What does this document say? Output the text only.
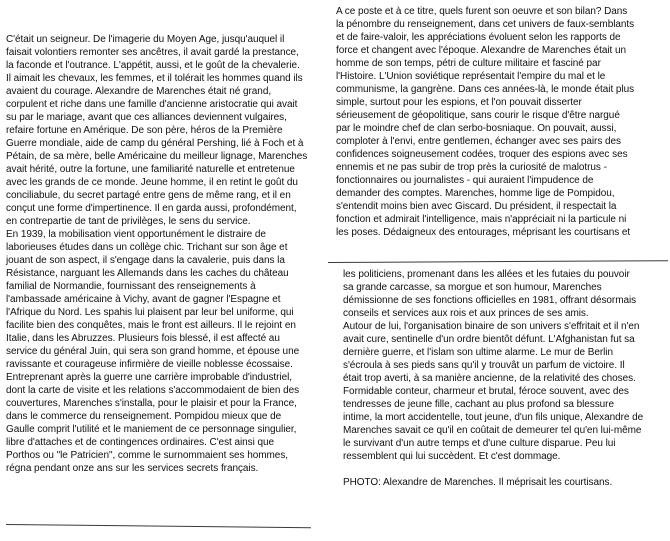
C'était un seigneur. De l'imagerie du Moyen Age, jusqu'auquel il

faisait volontiers remonter ses ancêtres, il avait gardé la prestance,

la faconde et l'outrance. L'appétit, aussi, et le goût de la chevalerie.

Il aimait les chevaux, les femmes, et il tolérait les hommes quand ils

avaient du courage. Alexandre de Marenches était né grand,

corpulent et riche dans une famille d'ancienne aristocratie qui avait

su par le mariage, avant que ces alliances deviennent vulgaires,

refaire fortune en Amérique. De son père, héros de la Première

Guerre mondiale, aide de camp du général Pershing, lié à Foch et à

Pétain, de sa mère, belle Américaine du meilleur lignage, Marenches

avait hérité, outre la fortune, une familiarité naturelle et entretenue

avec les grands de ce monde. Jeune homme, il en retint le goût du

conciliabule, du secret partagé entre gens de même rang, et il en

conçut une forme d'impertinence. Il en garda aussi, profondément,

en contrepartie de tant de privilèges, le sens du service.

En 1939, la mobilisation vient opportunément le distraire de

laborieuses études dans un collège chic. Trichant sur son âge et

jouant de son aspect, il s'engage dans la cavalerie, puis dans la

Résistance, narguant les Allemands dans les caches du château

familial de Normandie, fournissant des renseignements à

l'ambassade américaine à Vichy, avant de gagner l'Espagne et

l'Afrique du Nord. Les spahis lui plaisent par leur bel uniforme, qui

facilite bien des conquêtes, mais le front est ailleurs. Il le rejoint en

Italie, dans les Abruzzes. Plusieurs fois blessé, il est affecté au

service du général Juin, qui sera son grand homme, et épouse une

ravissante et courageuse infirmière de vieille noblesse écossaise.

Entreprenant après la guerre une carrière improbable d'industriel,

dont la carte de visite et les relations s'accommodaient de bien des

couvertures, Marenches s'installa, pour le plaisir et pour la France,

dans le commerce du renseignement. Pompidou mieux que de

Gaulle comprit l'utilité et le maniement de ce personnage singulier,

libre d'attaches et de contingences ordinaires. C'est ainsi que

Porthos ou "le Patricien", comme le surnommaient ses hommes,

régna pendant onze ans sur les services secrets français.

A ce poste et à ce titre, quels furent son oeuvre et son bilan? Dans

la pénombre du renseignement, dans cet univers de faux-semblants

et de faire-valoir, les appréciations évoluent selon les rapports de

force et changent avec l'époque. Alexandre de Marenches était un

homme de son temps, pétri de culture militaire et fasciné par

l'Histoire. L'Union soviétique représentait l'empire du mal et le

communisme, la gangrène. Dans ces années-là, le monde était plus

simple, surtout pour les espions, et l'on pouvait disserter

sérieusement de géopolitique, sans courir le risque d'être nargué

par le moindre chef de clan serbo-bosniaque. On pouvait, aussi,

comploter à l'envi, entre gentlemen, échanger avec ses pairs des

confidences soigneusement codées, troquer des espions avec ses

ennemis et ne pas subir de trop près la curiosité de malotrus -

fonctionnaires ou journalistes - qui auraient l'impudence de

demander des comptes. Marenches, homme lige de Pompidou,

s'entendit moins bien avec Giscard. Du président, il respectait la

fonction et admirait l'intelligence, mais n'appréciait ni la particule ni

les poses. Dédaigneux des entourages, méprisant les courtisans et

les politiciens, promenant dans les allées et les futaies du pouvoir

sa grande carcasse, sa morgue et son humour, Marenches

démissionne de ses fonctions officielles en 1981, offrant désormais

conseils et services aux rois et aux princes de ses amis.

Autour de lui, l'organisation binaire de son univers s'effritait et il n'en

avait cure, sentinelle d'un ordre bientôt défunt. L'Afghanistan fut sa

dernière guerre, et l'islam son ultime alarme. Le mur de Berlin

s'écroula à ses pieds sans qu'il y trouvât un parfum de victoire. Il

était trop averti, à sa manière ancienne, de la relativité des choses.

Formidable conteur, charmeur et brutal, féroce souvent, avec des

tendresses de jeune fille, cachant au plus profond sa blessure

intime, la mort accidentelle, tout jeune, d'un fils unique, Alexandre de

Marenches savait ce qu'il en coûtait de demeurer tel qu'en lui-même

le survivant d'un autre temps et d'une culture disparue. Peu lui

ressemblent qui lui succèdent. Et c'est dommage.

PHOTO: Alexandre de Marenches. Il méprisait les courtisans.
